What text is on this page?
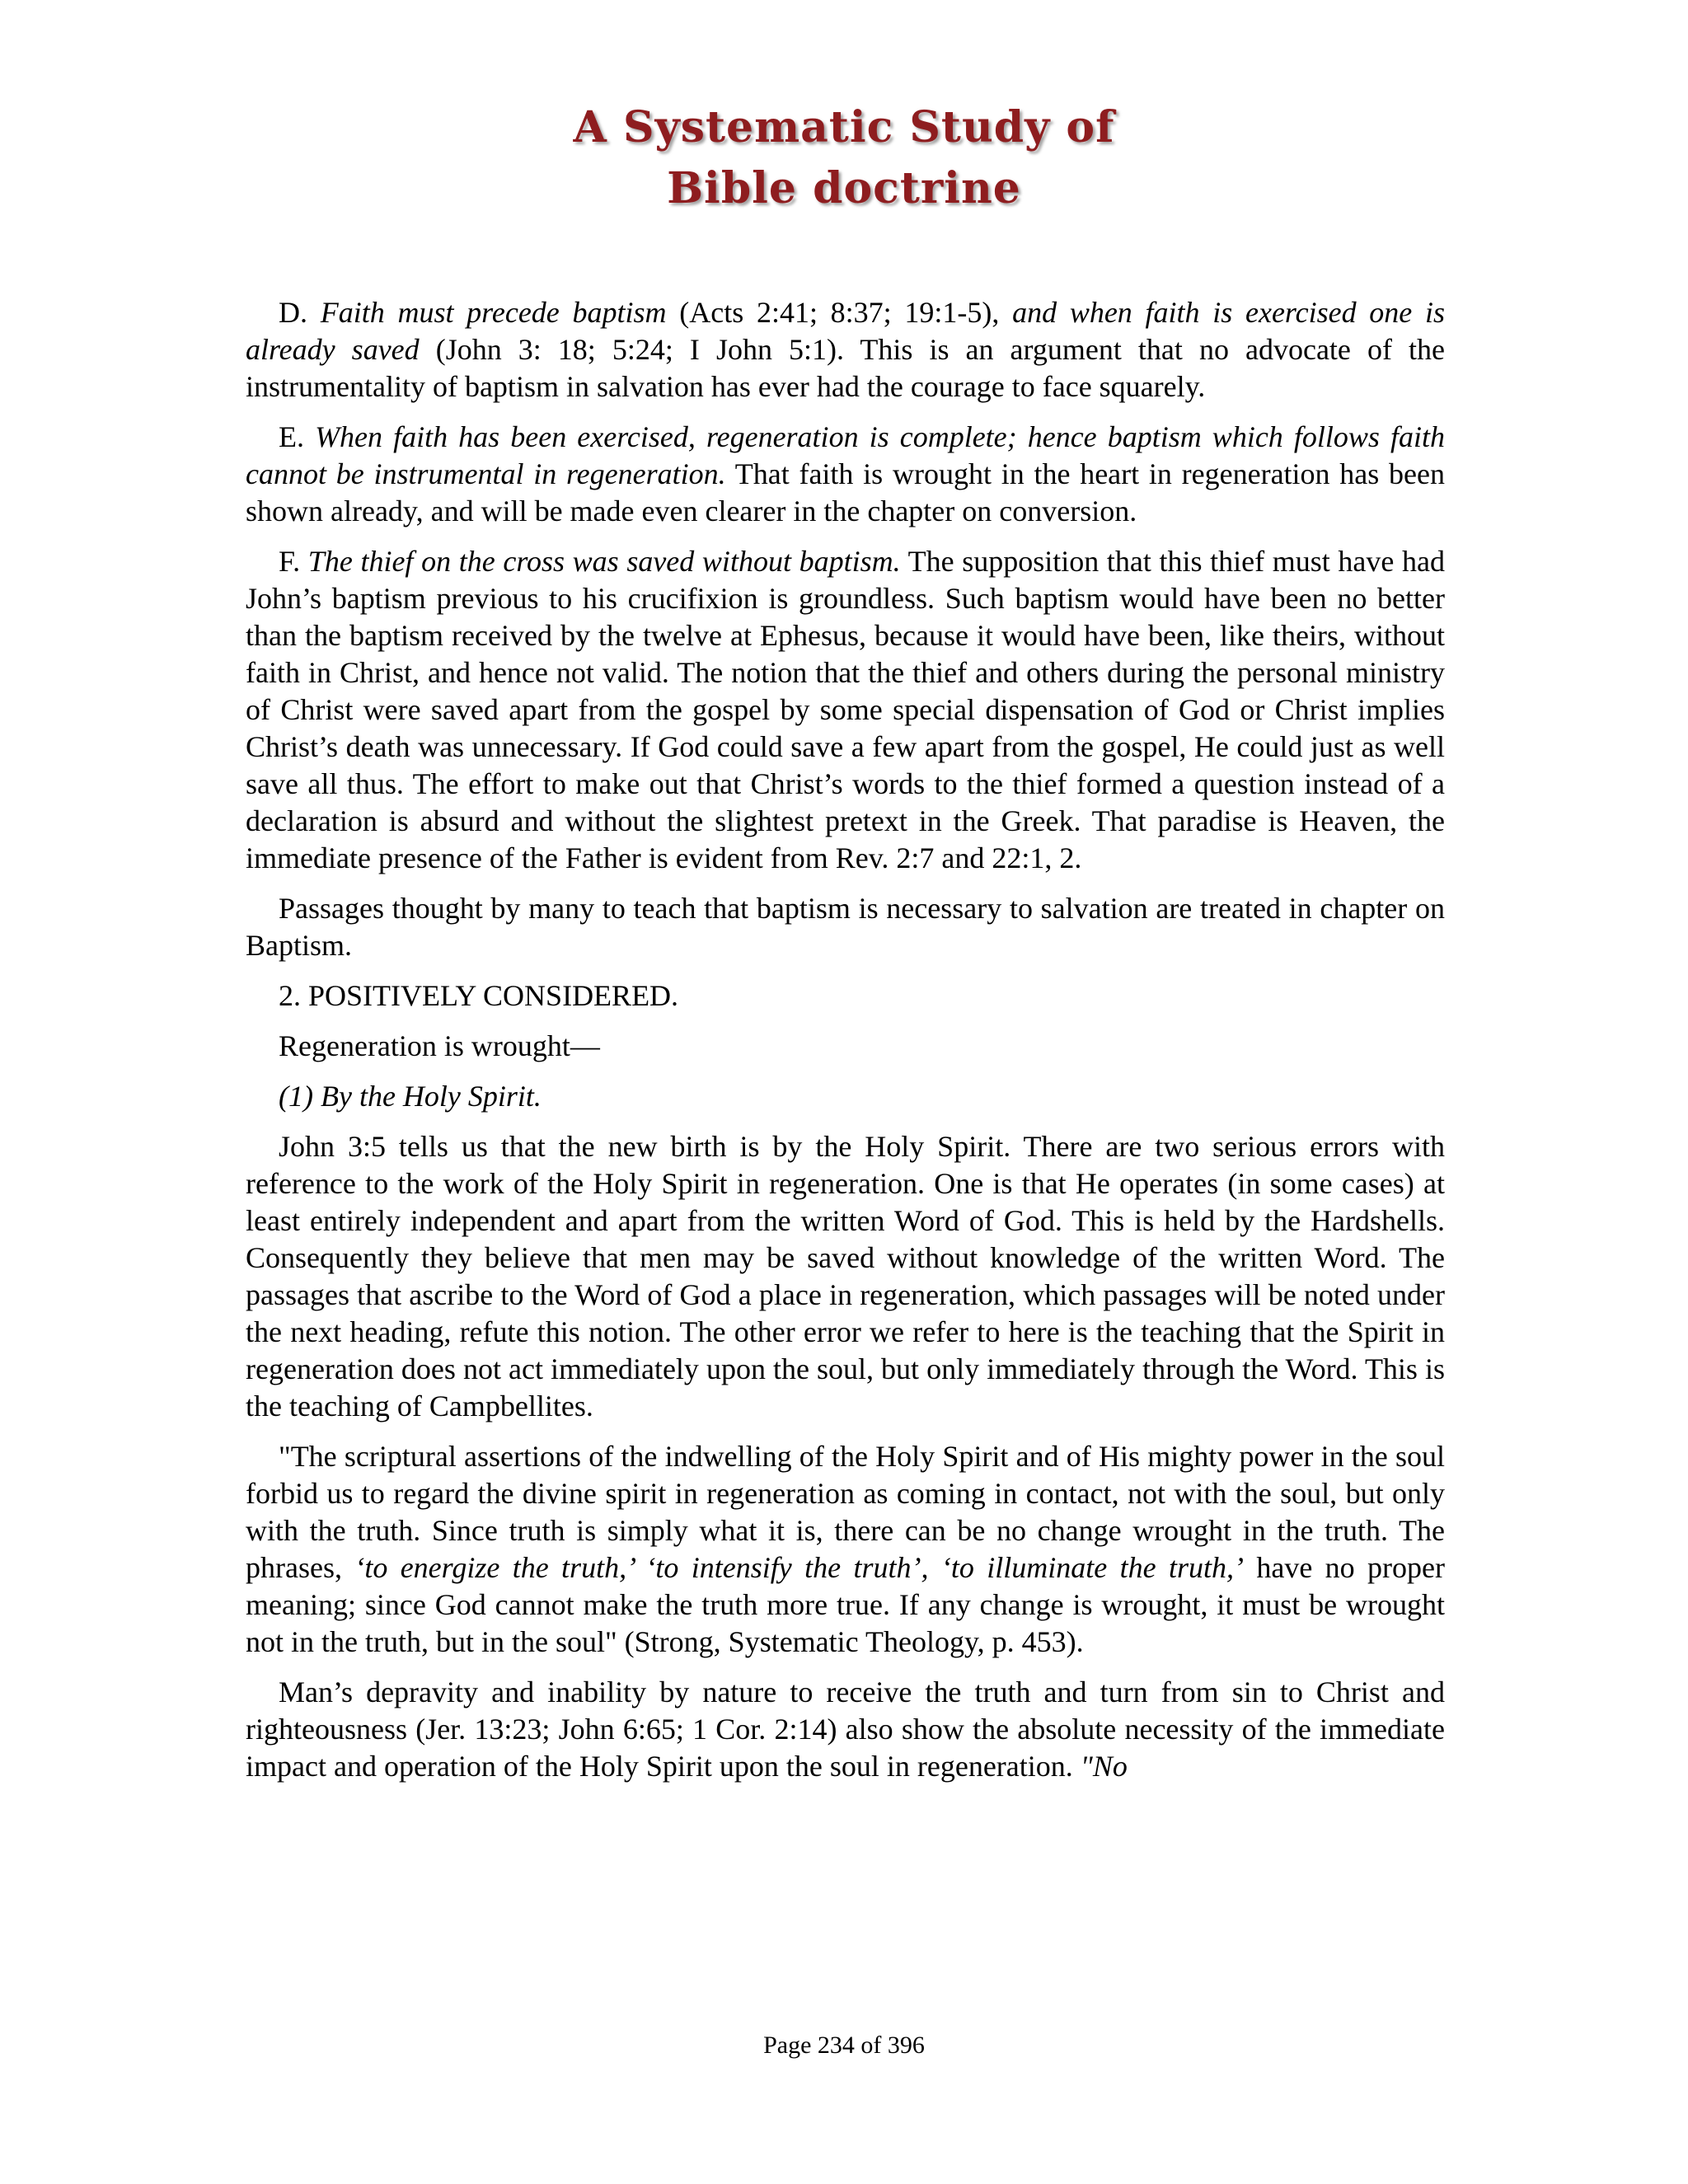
A Systematic Study of
Bible doctrine

D. Faith must precede baptism (Acts 2:41; 8:37; 19:1-5), and when faith is exercised one is already saved (John 3: 18; 5:24; I John 5:1). This is an argument that no advocate of the instrumentality of baptism in salvation has ever had the courage to face squarely.

E. When faith has been exercised, regeneration is complete; hence baptism which follows faith cannot be instrumental in regeneration. That faith is wrought in the heart in regeneration has been shown already, and will be made even clearer in the chapter on conversion.

F. The thief on the cross was saved without baptism. The supposition that this thief must have had John’s baptism previous to his crucifixion is groundless. Such baptism would have been no better than the baptism received by the twelve at Ephesus, because it would have been, like theirs, without faith in Christ, and hence not valid. The notion that the thief and others during the personal ministry of Christ were saved apart from the gospel by some special dispensation of God or Christ implies Christ’s death was unnecessary. If God could save a few apart from the gospel, He could just as well save all thus. The effort to make out that Christ’s words to the thief formed a question instead of a declaration is absurd and without the slightest pretext in the Greek. That paradise is Heaven, the immediate presence of the Father is evident from Rev. 2:7 and 22:1, 2.

Passages thought by many to teach that baptism is necessary to salvation are treated in chapter on Baptism.

2. POSITIVELY CONSIDERED.

Regeneration is wrought—

(1) By the Holy Spirit.

John 3:5 tells us that the new birth is by the Holy Spirit. There are two serious errors with reference to the work of the Holy Spirit in regeneration. One is that He operates (in some cases) at least entirely independent and apart from the written Word of God. This is held by the Hardshells. Consequently they believe that men may be saved without knowledge of the written Word. The passages that ascribe to the Word of God a place in regeneration, which passages will be noted under the next heading, refute this notion. The other error we refer to here is the teaching that the Spirit in regeneration does not act immediately upon the soul, but only immediately through the Word. This is the teaching of Campbellites.

"The scriptural assertions of the indwelling of the Holy Spirit and of His mighty power in the soul forbid us to regard the divine spirit in regeneration as coming in contact, not with the soul, but only with the truth. Since truth is simply what it is, there can be no change wrought in the truth. The phrases, ‘to energize the truth,’ ‘to intensify the truth’, ‘to illuminate the truth,’ have no proper meaning; since God cannot make the truth more true. If any change is wrought, it must be wrought not in the truth, but in the soul" (Strong, Systematic Theology, p. 453).

Man’s depravity and inability by nature to receive the truth and turn from sin to Christ and righteousness (Jer. 13:23; John 6:65; 1 Cor. 2:14) also show the absolute necessity of the immediate impact and operation of the Holy Spirit upon the soul in regeneration. "No

Page 234 of 396
